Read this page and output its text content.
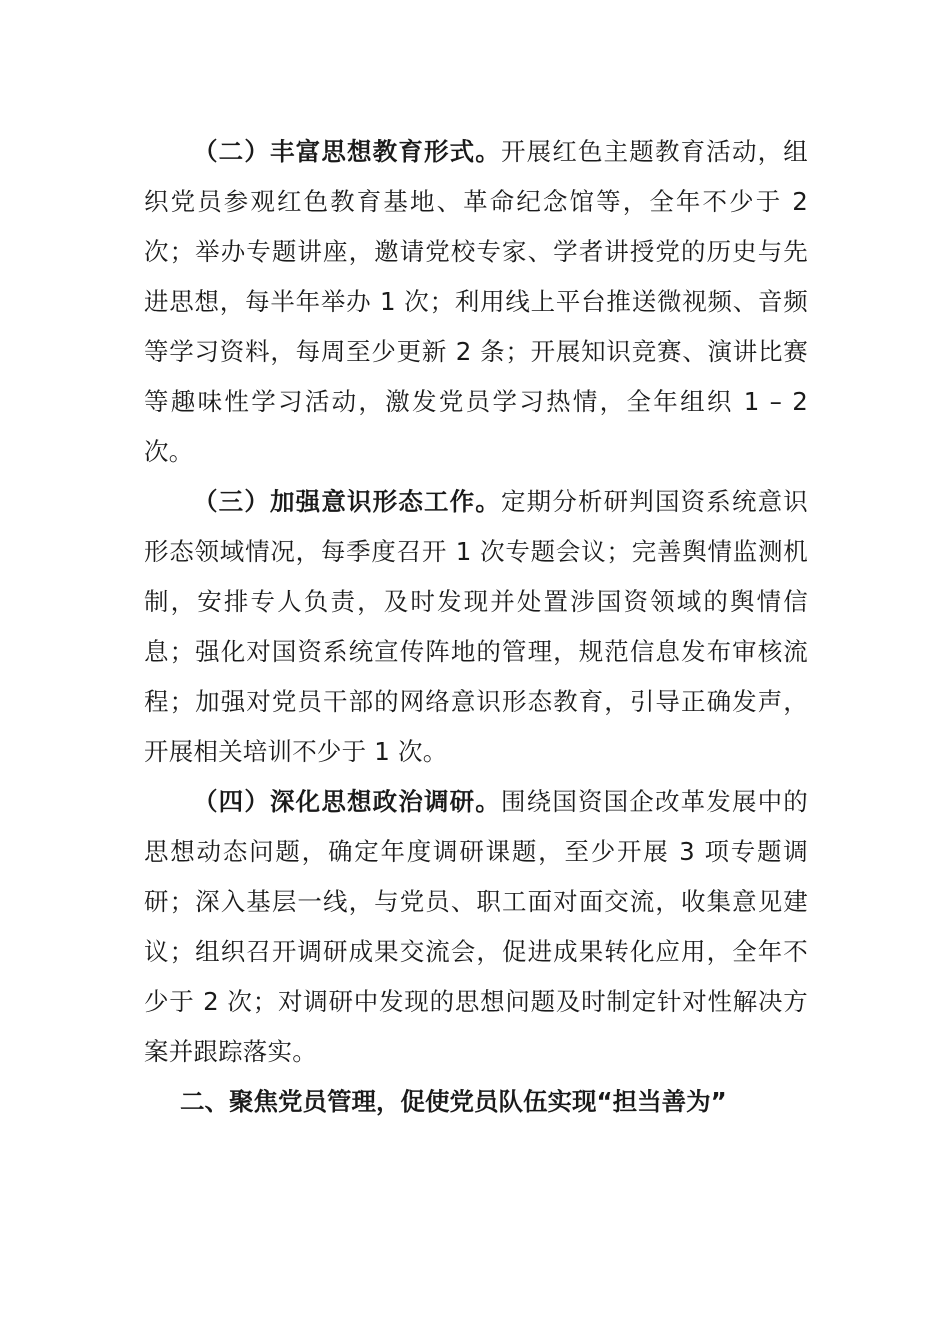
（二）丰富思想教育形式。开展红色主题教育活动，组织党员参观红色教育基地、革命纪念馆等，全年不少于 2 次；举办专题讲座，邀请党校专家、学者讲授党的历史与先进思想，每半年举办 1 次；利用线上平台推送微视频、音频等学习资料，每周至少更新 2 条；开展知识竞赛、演讲比赛等趣味性学习活动，激发党员学习热情，全年组织 1 – 2 次。

（三）加强意识形态工作。定期分析研判国资系统意识形态领域情况，每季度召开 1 次专题会议；完善舆情监测机制，安排专人负责，及时发现并处置涉国资领域的舆情信息；强化对国资系统宣传阵地的管理，规范信息发布审核流程；加强对党员干部的网络意识形态教育，引导正确发声，开展相关培训不少于 1 次。

（四）深化思想政治调研。围绕国资国企改革发展中的思想动态问题，确定年度调研课题，至少开展 3 项专题调研；深入基层一线，与党员、职工面对面交流，收集意见建议；组织召开调研成果交流会，促进成果转化应用，全年不少于 2 次；对调研中发现的思想问题及时制定针对性解决方案并跟踪落实。

二、聚焦党员管理，促使党员队伍实现“担当善为”
